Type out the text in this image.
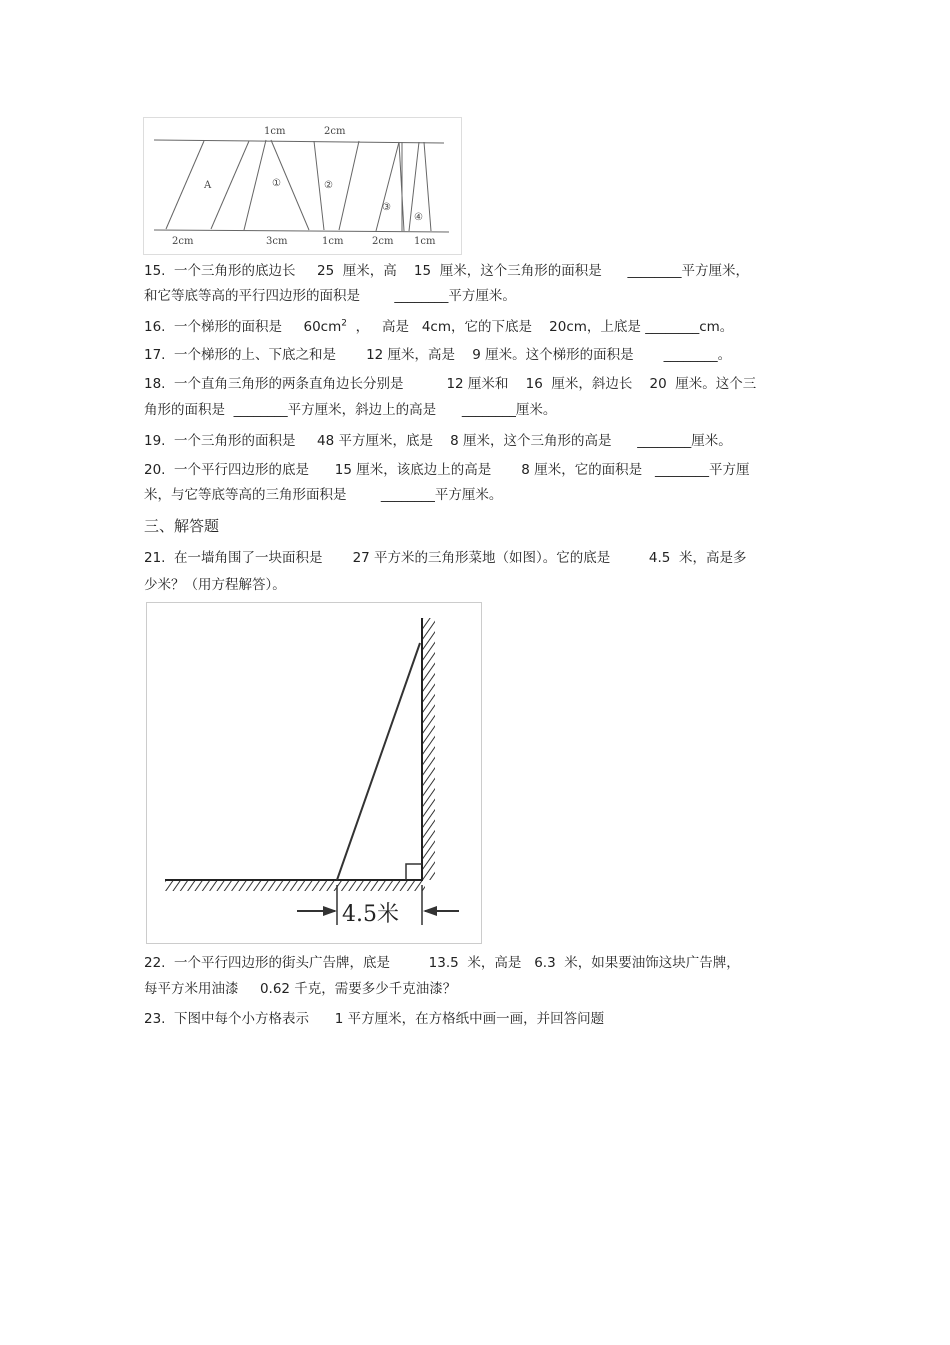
1cm	2cm
2cm	3cm	1cm	2cm 1cm
A	①	②
③
④
15.  一个三角形的底边长     25  厘米，高    15  厘米，这个三角形的面积是      ________平方厘米，
和它等底等高的平行四边形的面积是        ________平方厘米。
16.  一个梯形的面积是     $60cm^2$  ，   高是   4cm，它的下底是    20cm，上底是 ________cm。
17.  一个梯形的上、下底之和是       12 厘米，高是    9 厘米。这个梯形的面积是       ________。
18.  一个直角三角形的两条直角边长分别是          12 厘米和    16  厘米，斜边长    20  厘米。这个三
角形的面积是  ________平方厘米，斜边上的高是      ________厘米。
19.  一个三角形的面积是     48 平方厘米，底是    8 厘米，这个三角形的高是      ________厘米。
20.  一个平行四边形的底是      15 厘米，该底边上的高是       8 厘米，它的面积是   ________平方厘
米，与它等底等高的三角形面积是        ________平方厘米。
三、解答题
21.  在一墙角围了一块面积是       27 平方米的三角形菜地（如图）。它的底是         4.5  米，高是多
少米？（用方程解答）。
4.5米
22.  一个平行四边形的街头广告牌，底是         13.5  米，高是   6.3  米，如果要油饰这块广告牌，
每平方米用油漆     0.62 千克，需要多少千克油漆？
23.  下图中每个小方格表示      1 平方厘米，在方格纸中画一画，并回答问题
